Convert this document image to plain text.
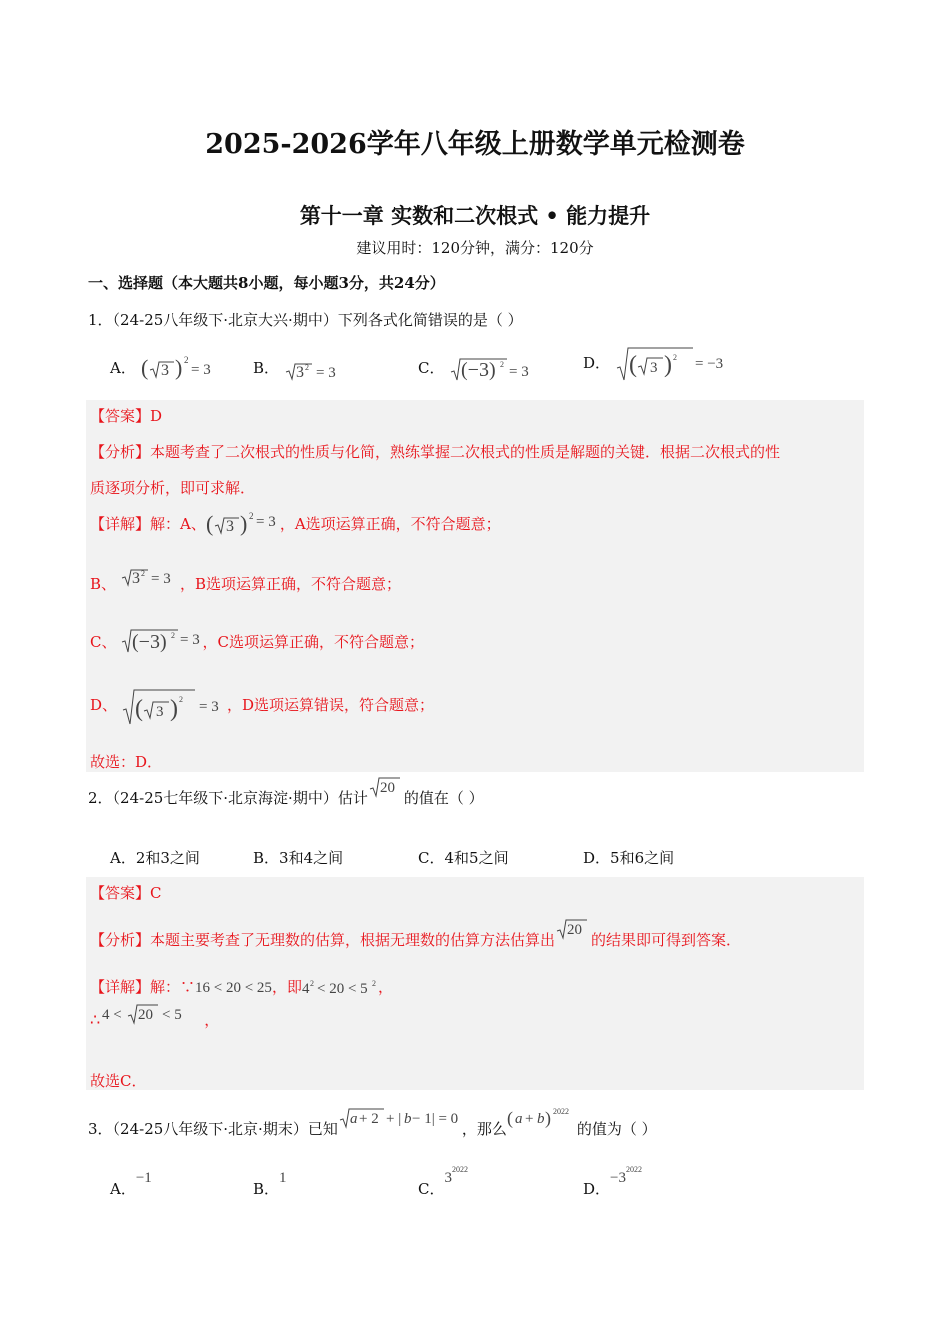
2025-2026学年八年级上册数学单元检测卷
第十一章 实数和二次根式 • 能力提升
建议用时：120分钟，满分：120分
一、选择题（本大题共8小题，每小题3分，共24分）
1．（24-25八年级下·北京大兴·期中）下列各式化简错误的是（ ）
A． ( 3 ) 2
= 3	B． 3 2 = 3	C． (−3) 2 = 3	D． ( 3 ) 2 = −3
【答案】D
【分析】本题考查了二次根式的性质与化简，熟练掌握二次根式的性质是解题的关键．根据二次根式的性
质逐项分析，即可求解．
【详解】解：A、 ( 3 ) 2 = 3 ，A选项运算正确，不符合题意；
B、 3 2 = 3 ，B选项运算正确，不符合题意；
C、 (−3) 2 = 3 ，C选项运算正确，不符合题意；
D、 ( 3 ) 2 = 3 ，D选项运算错误，符合题意；
故选：D．
2．（24-25七年级下·北京海淀·期中）估计
20
的值在（ ）
A．2和3之间	B．3和4之间	C．4和5之间	D．5和6之间
【答案】C
【分析】本题主要考查了无理数的估算，根据无理数的估算方法估算出
20
的结果即可得到答案．
【详解】解：∵16 < 20 < 25，即 4 2 < 20 < 5 2 ，
∴ 4 < 20 < 5 ，
故选C．
3．（24-25八年级下·北京·期末）已知
a + 2 + | b − 1| = 0
，那么
( a + b ) 2022
的值为（ ）
A．−1
B．1
C．$3^{2022}$
D．$-3^{2022}$
